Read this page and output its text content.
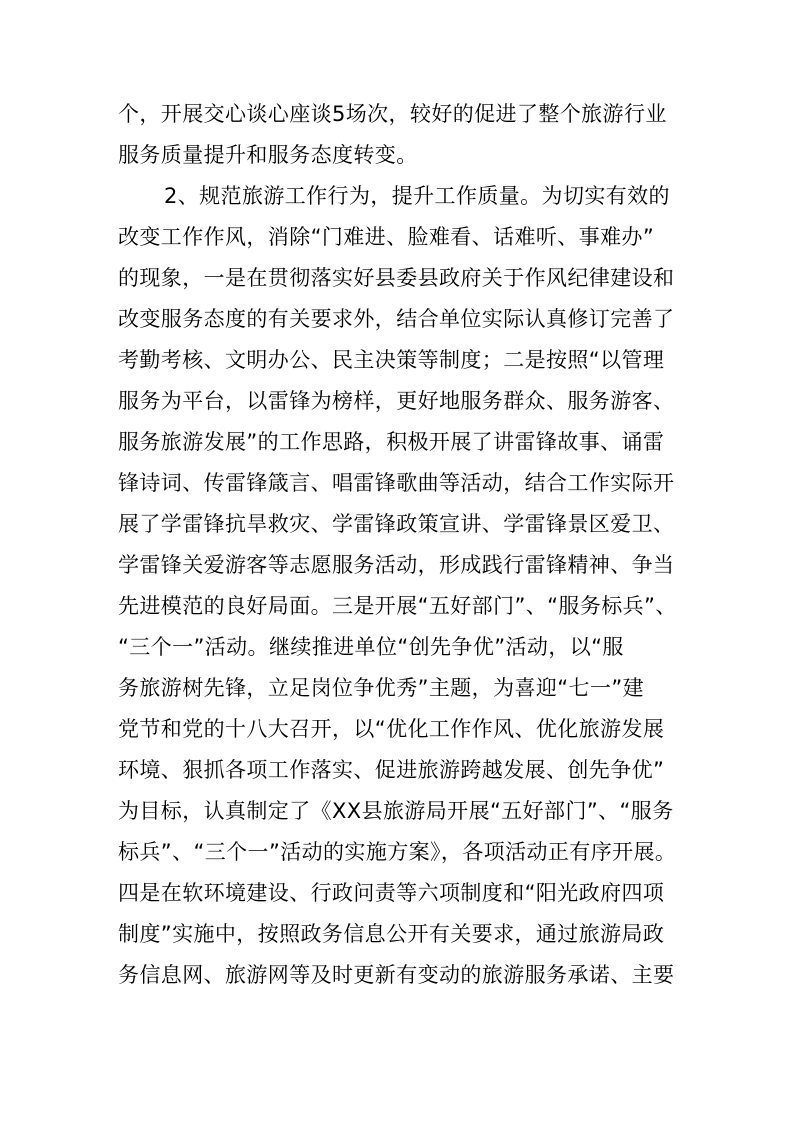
个，开展交心谈心座谈5场次，较好的促进了整个旅游行业
服务质量提升和服务态度转变。
2、规范旅游工作行为，提升工作质量。为切实有效的
改变工作作风，消除“门难进、脸难看、话难听、事难办”
的现象，一是在贯彻落实好县委县政府关于作风纪律建设和
改变服务态度的有关要求外，结合单位实际认真修订完善了
考勤考核、文明办公、民主决策等制度；二是按照“以管理
服务为平台，以雷锋为榜样，更好地服务群众、服务游客、
服务旅游发展”的工作思路，积极开展了讲雷锋故事、诵雷
锋诗词、传雷锋箴言、唱雷锋歌曲等活动，结合工作实际开
展了学雷锋抗旱救灾、学雷锋政策宣讲、学雷锋景区爱卫、
学雷锋关爱游客等志愿服务活动，形成践行雷锋精神、争当
先进模范的良好局面。三是开展“五好部门”、“服务标兵”、
“三个一”活动。继续推进单位“创先争优”活动，以“服
务旅游树先锋，立足岗位争优秀”主题，为喜迎“七一”建
党节和党的十八大召开，以“优化工作作风、优化旅游发展
环境、狠抓各项工作落实、促进旅游跨越发展、创先争优”
为目标，认真制定了《XX县旅游局开展“五好部门”、“服务
标兵”、“三个一”活动的实施方案》，各项活动正有序开展。
四是在软环境建设、行政问责等六项制度和“阳光政府四项
制度”实施中，按照政务信息公开有关要求，通过旅游局政
务信息网、旅游网等及时更新有变动的旅游服务承诺、主要
